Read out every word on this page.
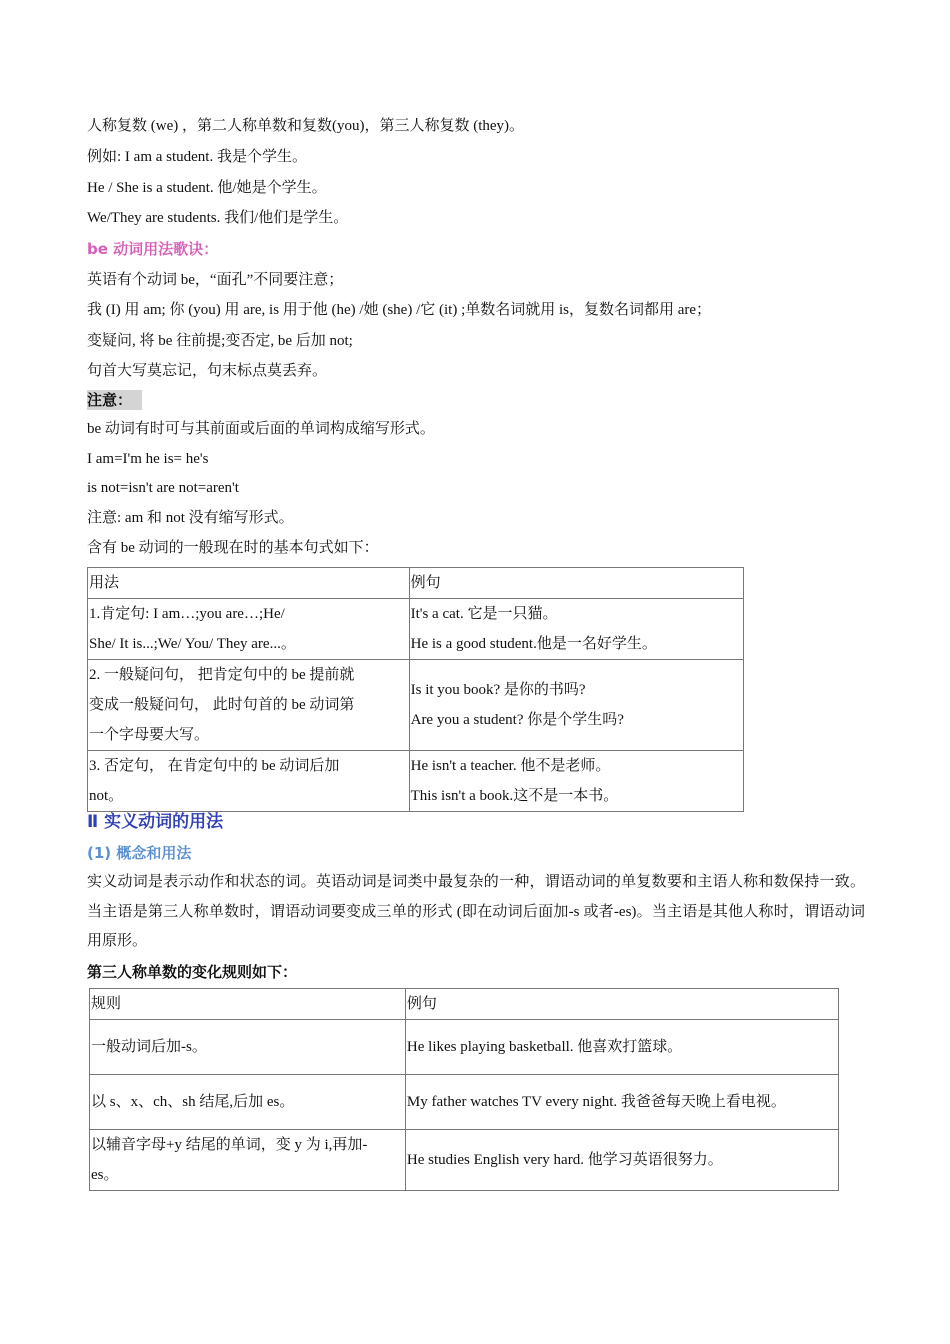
人称复数 (we) ，第二人称单数和复数(you)，第三人称复数 (they)。
例如: I am a student. 我是个学生。
He / She is a student. 他/她是个学生。
We/They are students. 我们/他们是学生。
be 动词用法歌诀：
英语有个动词 be，“面孔”不同要注意；
我 (I) 用 am; 你 (you) 用 are, is 用于他 (he) /她 (she) /它 (it) ;单数名词就用 is，复数名词都用 are；
变疑问, 将 be 往前提;变否定, be 后加 not;
句首大写莫忘记，句末标点莫丢弃。
注意：
be 动词有时可与其前面或后面的单词构成缩写形式。
I am=I'm he is= he's
is not=isn't are not=aren't
注意: am 和 not 没有缩写形式。
含有 be 动词的一般现在时的基本句式如下：
用法	例句

1.肯定句: I am…;you are…;He/
She/ It is...;We/ You/ They are...。	It's a cat. 它是一只猫。
He is a good student.他是一名好学生。

2. 一般疑问句， 把肯定句中的 be 提前就
变成一般疑问句， 此时句首的 be 动词第
一个字母要大写。	Is it you book? 是你的书吗?
Are you a student? 你是个学生吗?

3. 否定句， 在肯定句中的 be 动词后加
not。	He isn't a teacher. 他不是老师。
This isn't a book.这不是一本书。
Ⅱ 实义动词的用法
(1) 概念和用法
实义动词是表示动作和状态的词。英语动词是词类中最复杂的一种，谓语动词的单复数要和主语人称和数保持一致。当主语是第三人称单数时，谓语动词要变成三单的形式 (即在动词后面加-s 或者-es)。当主语是其他人称时，谓语动词用原形。
第三人称单数的变化规则如下：
规则	例句

一般动词后加-s。	He likes playing basketball. 他喜欢打篮球。

以 s、x、ch、sh 结尾,后加 es。	My father watches TV every night. 我爸爸每天晚上看电视。

以辅音字母+y 结尾的单词，变 y 为 i,再加-
es。	He studies English very hard. 他学习英语很努力。
